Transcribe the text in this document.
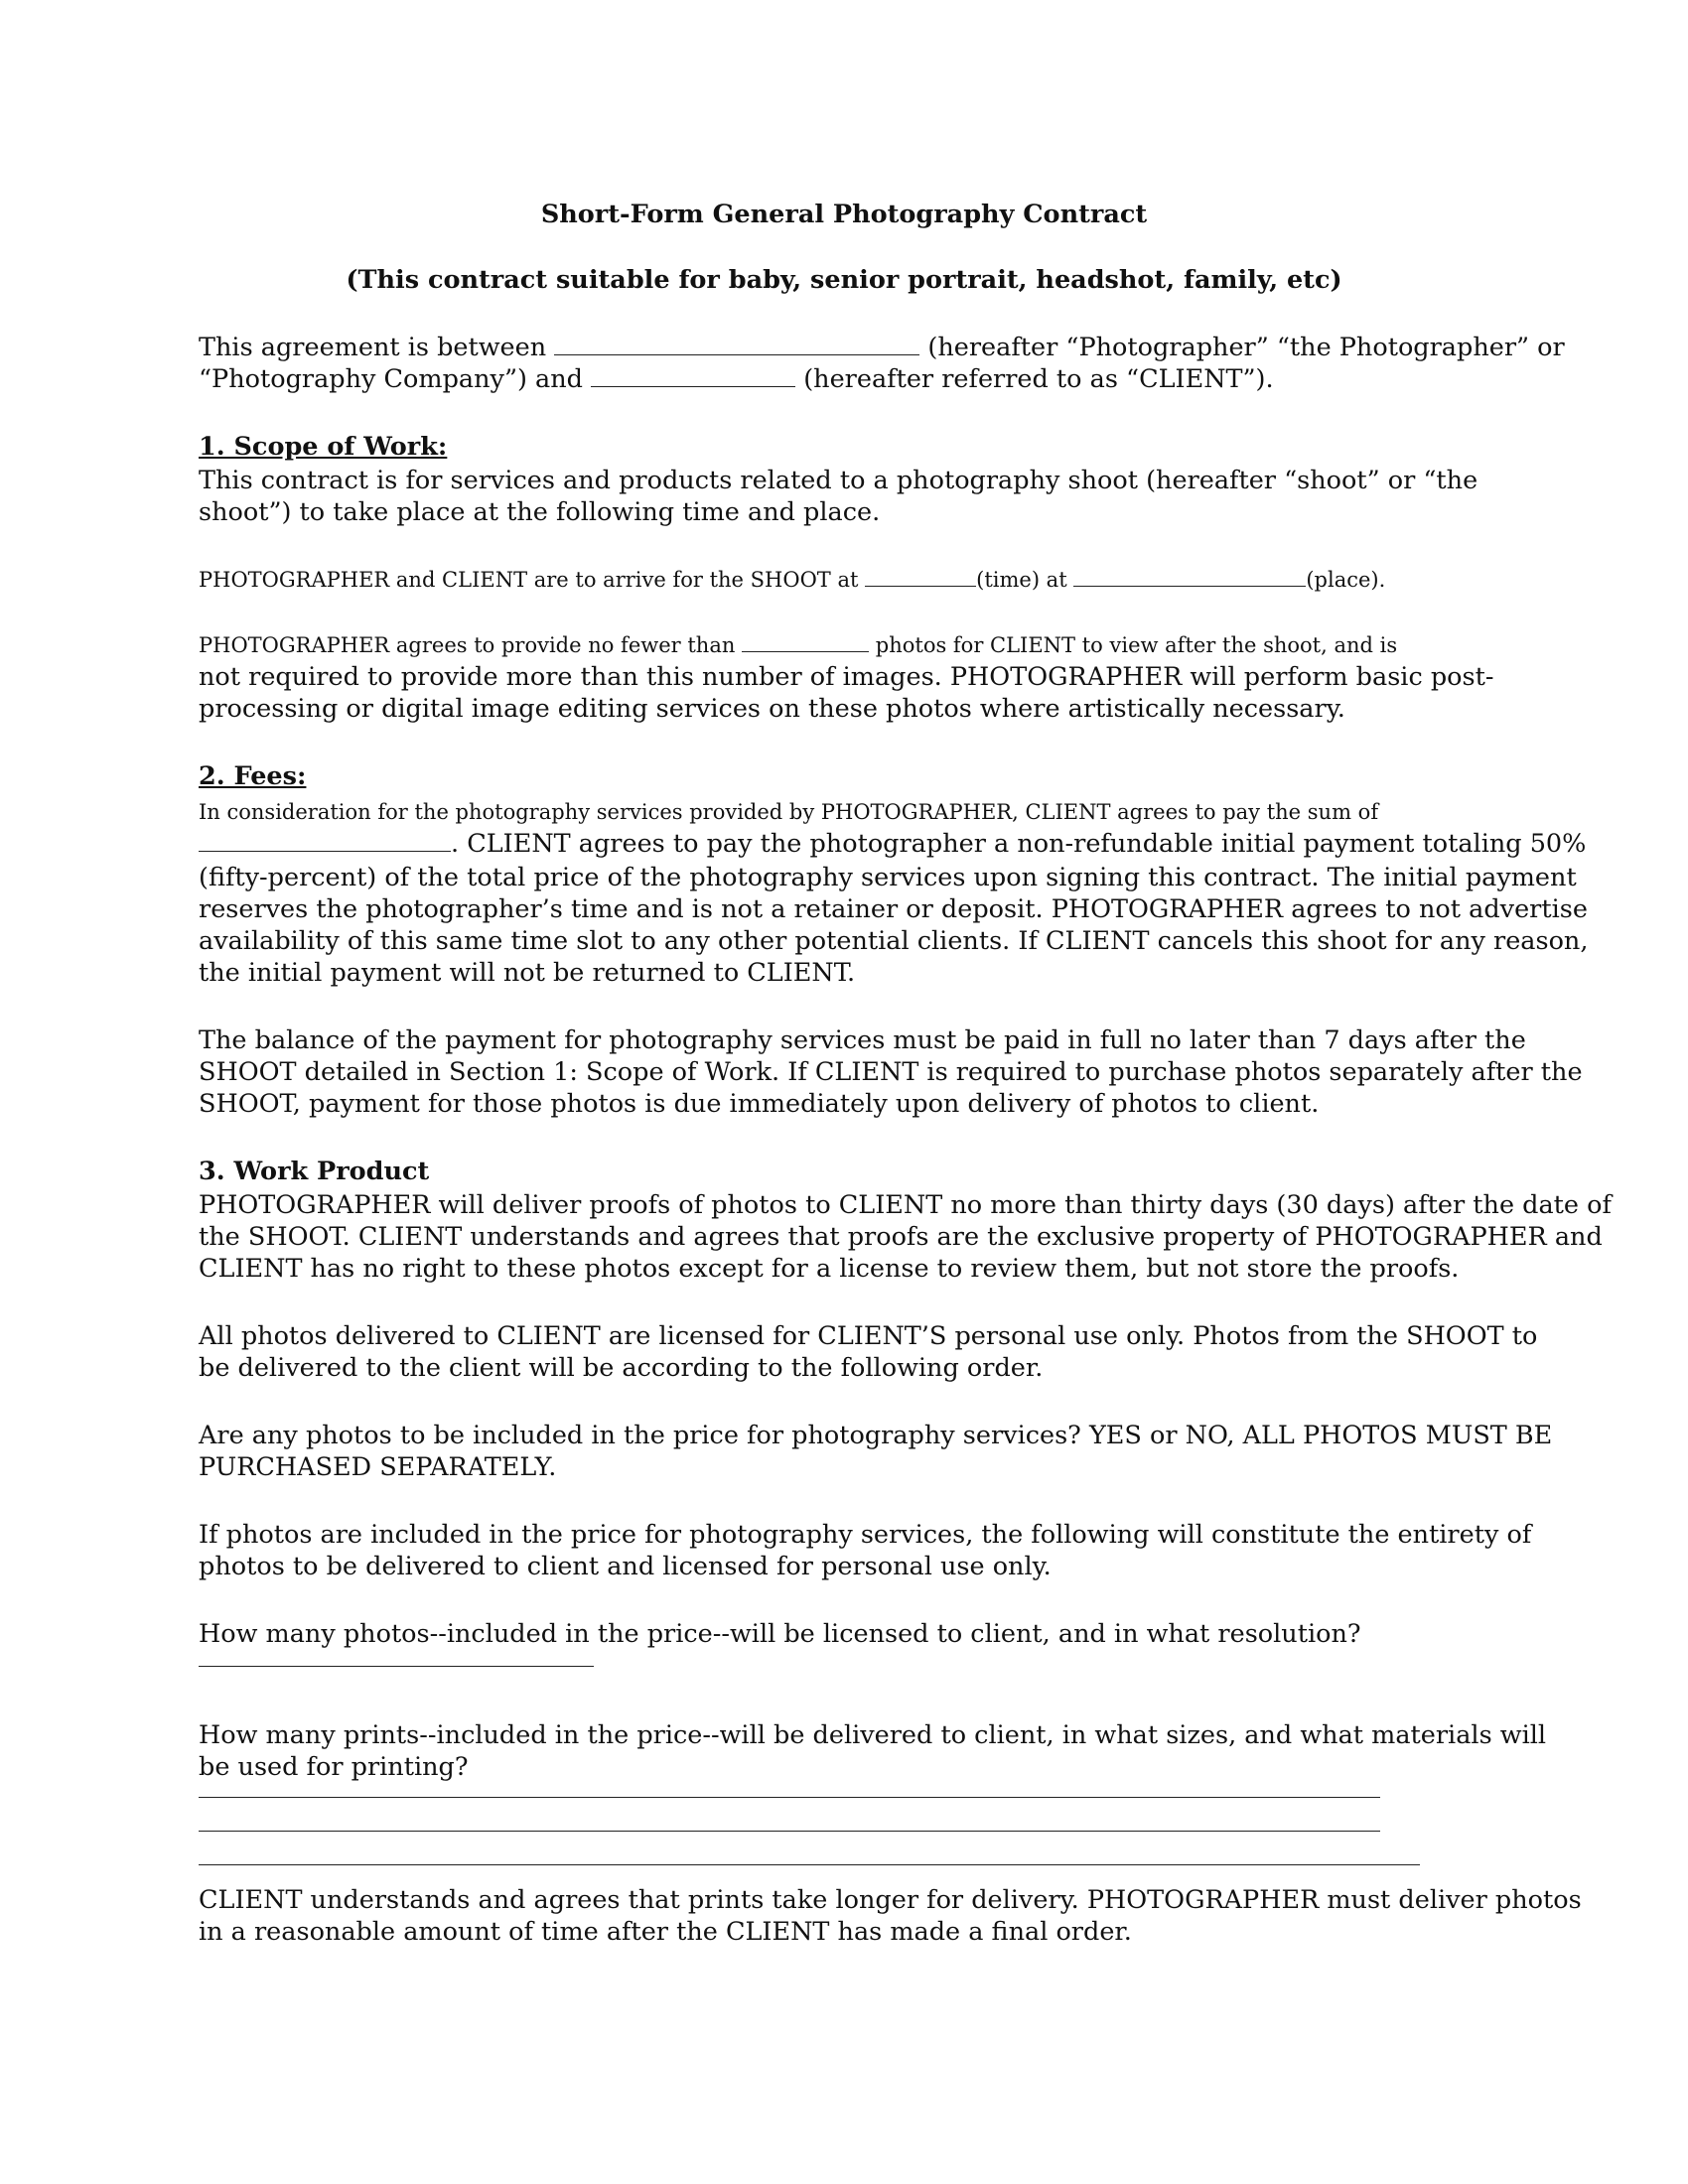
Short-Form General Photography Contract
(This contract suitable for baby, senior portrait, headshot, family, etc)
This agreement is between	(hereafter “Photographer” “the Photographer” or
“Photography Company”) and	(hereafter referred to as “CLIENT”).
1. Scope of Work:
This contract is for services and products related to a photography shoot (hereafter “shoot” or “the
shoot”) to take place at the following time and place.
PHOTOGRAPHER and CLIENT are to arrive for the SHOOT at	(time) at	(place).
PHOTOGRAPHER agrees to provide no fewer than	photos for CLIENT to view after the shoot, and is
not required to provide more than this number of images. PHOTOGRAPHER will perform basic post-
processing or digital image editing services on these photos where artistically necessary.
2. Fees:
In consideration for the photography services provided by PHOTOGRAPHER, CLIENT agrees to pay the sum of
. CLIENT agrees to pay the photographer a non-refundable initial payment totaling 50%
(fifty-percent) of the total price of the photography services upon signing this contract. The initial payment
reserves the photographer’s time and is not a retainer or deposit. PHOTOGRAPHER agrees to not advertise
availability of this same time slot to any other potential clients. If CLIENT cancels this shoot for any reason,
the initial payment will not be returned to CLIENT.
The balance of the payment for photography services must be paid in full no later than 7 days after the
SHOOT detailed in Section 1: Scope of Work. If CLIENT is required to purchase photos separately after the
SHOOT, payment for those photos is due immediately upon delivery of photos to client.
3. Work Product
PHOTOGRAPHER will deliver proofs of photos to CLIENT no more than thirty days (30 days) after the date of
the SHOOT. CLIENT understands and agrees that proofs are the exclusive property of PHOTOGRAPHER and
CLIENT has no right to these photos except for a license to review them, but not store the proofs.
All photos delivered to CLIENT are licensed for CLIENT’S personal use only. Photos from the SHOOT to
be delivered to the client will be according to the following order.
Are any photos to be included in the price for photography services? YES or NO, ALL PHOTOS MUST BE
PURCHASED SEPARATELY.
If photos are included in the price for photography services, the following will constitute the entirety of
photos to be delivered to client and licensed for personal use only.
How many photos--included in the price--will be licensed to client, and in what resolution?
How many prints--included in the price--will be delivered to client, in what sizes, and what materials will
be used for printing?
CLIENT understands and agrees that prints take longer for delivery. PHOTOGRAPHER must deliver photos
in a reasonable amount of time after the CLIENT has made a final order.
